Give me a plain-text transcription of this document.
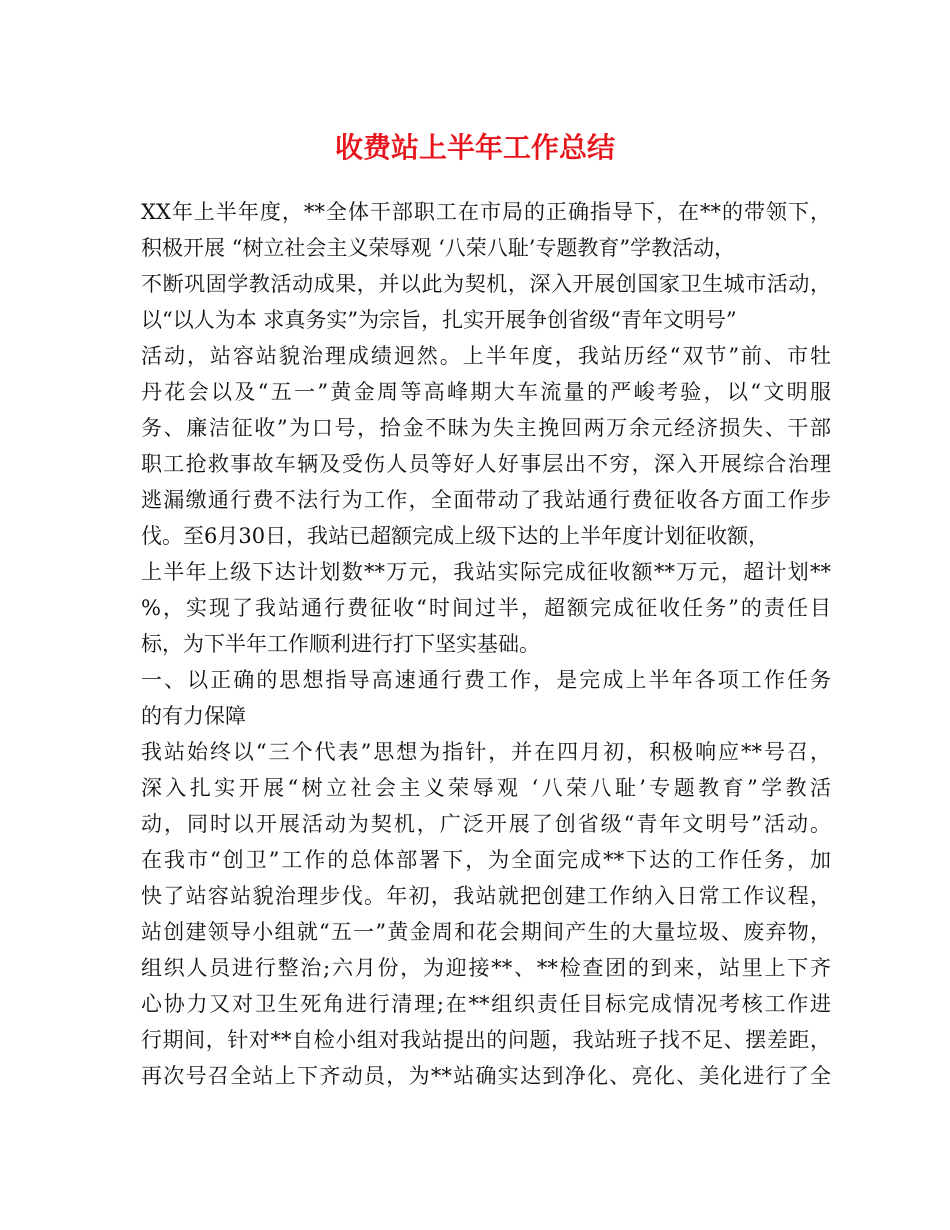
收费站上半年工作总结
XX年上半年度，**全体干部职工在市局的正确指导下，在**的带领下，
积极开展 “树立社会主义荣辱观 ‘八荣八耻’专题教育”学教活动，
不断巩固学教活动成果，并以此为契机，深入开展创国家卫生城市活动，
以“以人为本 求真务实”为宗旨，扎实开展争创省级“青年文明号”
活动，站容站貌治理成绩迥然。上半年度，我站历经“双节”前、市牡
丹花会以及“五一”黄金周等高峰期大车流量的严峻考验，以“文明服
务、廉洁征收”为口号，拾金不昧为失主挽回两万余元经济损失、干部
职工抢救事故车辆及受伤人员等好人好事层出不穷，深入开展综合治理
逃漏缴通行费不法行为工作，全面带动了我站通行费征收各方面工作步
伐。至6月30日，我站已超额完成上级下达的上半年度计划征收额，
上半年上级下达计划数**万元，我站实际完成征收额**万元，超计划**
%，实现了我站通行费征收“时间过半，超额完成征收任务”的责任目
标，为下半年工作顺利进行打下坚实基础。
一、以正确的思想指导高速通行费工作，是完成上半年各项工作任务
的有力保障
我站始终以“三个代表”思想为指针，并在四月初，积极响应**号召，
深入扎实开展“树立社会主义荣辱观 ‘八荣八耻’专题教育”学教活
动，同时以开展活动为契机，广泛开展了创省级“青年文明号”活动。
在我市“创卫”工作的总体部署下，为全面完成**下达的工作任务，加
快了站容站貌治理步伐。年初，我站就把创建工作纳入日常工作议程，
站创建领导小组就“五一”黄金周和花会期间产生的大量垃圾、废弃物，
组织人员进行整治;六月份，为迎接**、**检查团的到来，站里上下齐
心协力又对卫生死角进行清理;在**组织责任目标完成情况考核工作进
行期间，针对**自检小组对我站提出的问题，我站班子找不足、摆差距，
再次号召全站上下齐动员，为**站确实达到净化、亮化、美化进行了全
